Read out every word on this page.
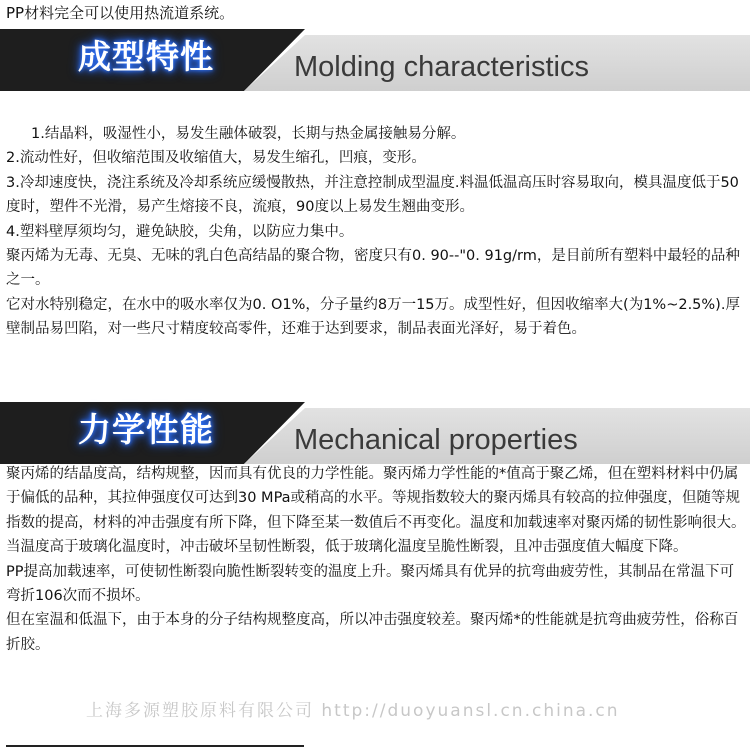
PP材料完全可以使用热流道系统。
成型特性	Molding characteristics

1.结晶料，吸湿性小，易发生融体破裂，长期与热金属接触易分解。

2.流动性好，但收缩范围及收缩值大，易发生缩孔，凹痕，变形。

3.冷却速度快，浇注系统及冷却系统应缓慢散热，并注意控制成型温度.料温低温高压时容易取向，模具温度低于50度时，塑件不光滑，易产生熔接不良，流痕，90度以上易发生翘曲变形。

4.塑料壁厚须均匀，避免缺胶，尖角，以防应力集中。

聚丙烯为无毒、无臭、无味的乳白色高结晶的聚合物，密度只有0. 90--"0. 91g/rm，是目前所有塑料中最轻的品种之一。

它对水特别稳定，在水中的吸水率仅为0. O1%，分子量约8万一15万。成型性好，但因收缩率大(为1%~2.5%).厚壁制品易凹陷，对一些尺寸精度较高零件，还难于达到要求，制品表面光泽好，易于着色。

力学性能	Mechanical properties

聚丙烯的结晶度高，结构规整，因而具有优良的力学性能。聚丙烯力学性能的*值高于聚乙烯，但在塑料材料中仍属于偏低的品种，其拉伸强度仅可达到30 MPa或稍高的水平。等规指数较大的聚丙烯具有较高的拉伸强度，但随等规指数的提高，材料的冲击强度有所下降，但下降至某一数值后不再变化。温度和加载速率对聚丙烯的韧性影响很大。当温度高于玻璃化温度时，冲击破坏呈韧性断裂，低于玻璃化温度呈脆性断裂，且冲击强度值大幅度下降。

PP提高加载速率，可使韧性断裂向脆性断裂转变的温度上升。聚丙烯具有优异的抗弯曲疲劳性，其制品在常温下可弯折106次而不损坏。

但在室温和低温下，由于本身的分子结构规整度高，所以冲击强度较差。聚丙烯*的性能就是抗弯曲疲劳性，俗称百折胶。

上海多源塑胶原料有限公司 http://duoyuansl.cn.china.cn
